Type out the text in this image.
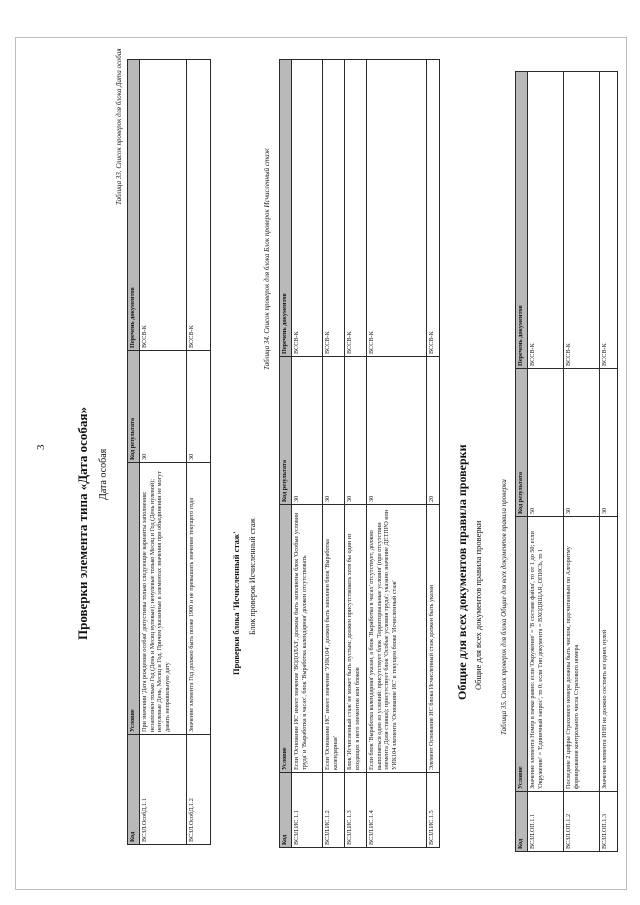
3 Проверки элемента типа «Дата особая» Дата особая
Таблица 33. Список проверок для блока Дата особая
Код	Условие	Код результата	Перечень документов
ВСЗЛ.ОсобД.1.1	При значении 'Дата рождения особая' допустимы только следующие варианты заполнения: незаполнен только Год (День и Месяц нулевые); ненулевые только Месяц и Год (День нулевой); ненулевые День, Месяц и Год. Причем указанные в элементах значения при объединении не могут давать неправильную дату	30	ВССВ-К
ВСЗЛ.ОсобД.1.2	Значение элемента Год должно быть позже 1900 и не превышать значение текущего года	30	ВССВ-К
Проверки блока 'Исчисленный стаж' Блок проверок Исчисленный стаж
Таблица 34. Список проверок для блока Блок проверок Исчисленный стаж
Код	Условие	Код результата	Перечень документов
ВСЗЛ.ИС.1.1	Если 'Основание ИС' имеет значение 'ВОДОЛАЗ', должны быть заполнены блок 'Особые условия труда' и 'Выработка в часах', блок 'Выработка календарная' должен отсутствовать	30	ВССВ-К
ВСЗЛ.ИС.1.2	Если 'Основание ИС' имеет значение 'УИК104', должен быть заполнен блок 'Выработка календарная'	30	ВССВ-К
ВСЗЛ.ИС.1.3	Блок 'Исчисленный стаж' не может быть пустым: должен присутствовать хотя бы один из входящих в него элементов или блоков	30	ВССВ-К
ВСЗЛ.ИС.1.4	Если блок 'Выработка календарная' указан, а блок 'Выработка в часах' отсутствует, должно выполняться одно из условий: присутствует блок 'Территориальные условия' (при отсутствии элемента Доля ставки); присутствует блок 'Особые условия труда'; указано значение ДЕТПРО или УИК104 элемента 'Основание ИС' в текущем блоке 'Исчисленный стаж'	30	ВССВ-К
ВСЗЛ.ИС.1.5	Элемент Основание ИС блока Исчисленный стаж должен быть указан	20	ВССВ-К
Общие для всех документов правила проверки Общие для всех документов правила проверки Таблица 35. Список проверок для блока Общие для всех документов правила проверки
Код	Условие	Код результата	Перечень документов
ВСЗЛ.ОП.1.1	Значение элемента Номер в пачке равно: если 'Окружение' = 'В составе файла', то от 1 до 50; если 'Окружение' = 'Единичный запрос', то 0; если Тип документа = ВХОДЯЩАЯ_ОПИСЬ, то 1	50	ВССВ-К
ВСЗЛ.ОП.1.2	Последние 2 цифры Страхового номера должны быть числом, подсчитанным по Алгоритму формирования контрольного числа Страхового номера	30	ВССВ-К
ВСЗЛ.ОП.1.3	Значение элемента ИНН не должно состоять из одних нулей	30	ВССВ-К
